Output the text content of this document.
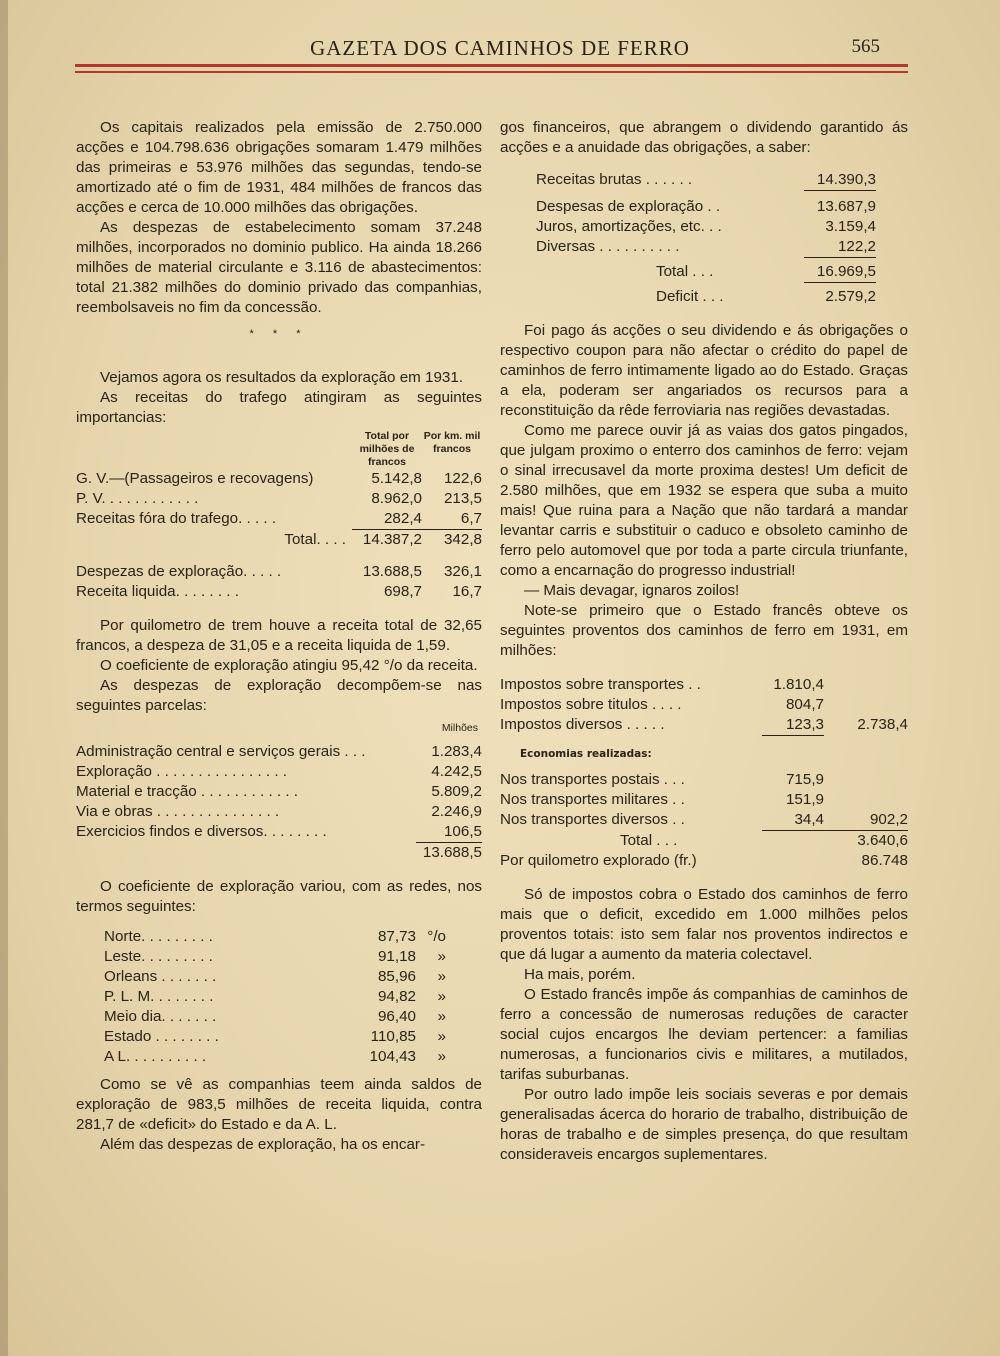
GAZETA DOS CAMINHOS DE FERRO	565

Os capitais realizados pela emissão de 2.750.000 acções e 104.798.636 obrigações somaram 1.479 milhões das primeiras e 53.976 milhões das segundas, tendo-se amortizado até o fim de 1931, 484 milhões de francos das acções e cerca de 10.000 milhões das obrigações.

As despezas de estabelecimento somam 37.248 milhões, incorporados no dominio publico. Ha ainda 18.266 milhões de material circulante e 3.116 de abastecimentos: total 21.382 milhões do dominio privado das companhias, reembolsaveis no fim da concessão.

* * *

Vejamos agora os resultados da exploração em 1931.

As receitas do trafego atingiram as seguintes importancias:

Total por milhões de francos
Por km. mil francos
G. V.—(Passageiros e recovagens)	5.142,8	122,6
P. V. . . . . . . . . . . .	8.962,0	213,5
Receitas fóra do trafego. . . . .	282,4	6,7
Total. . . .	14.387,2	342,8
Despezas de exploração. . . . .	13.688,5	326,1
Receita liquida. . . . . . . .	698,7	16,7

Por quilometro de trem houve a receita total de 32,65 francos, a despeza de 31,05 e a receita liquida de 1,59.

O coeficiente de exploração atingiu 95,42 °/o da receita.

As despezas de exploração decompõem-se nas seguintes parcelas:

Milhões
Administração central e serviços gerais . . .	1.283,4
Exploração . . . . . . . . . . . . . . . .	4.242,5
Material e tracção . . . . . . . . . . . .	5.809,2
Via e obras . . . . . . . . . . . . . . .	2.246,9
Exercicios findos e diversos. . . . . . . .	106,5
13.688,5

O coeficiente de exploração variou, com as redes, nos termos seguintes:

Norte. . . . . . . . .	87,73 °/o
Leste. . . . . . . . .	91,18	»
Orleans . . . . . . .	85,96	»
P. L. M. . . . . . . .	94,82	»
Meio dia. . . . . . .	96,40	»
Estado . . . . . . . .	110,85	»
A L. . . . . . . . . .	104,43	»

Como se vê as companhias teem ainda saldos de exploração de 983,5 milhões de receita liquida, contra 281,7 de «deficit» do Estado e da A. L.

Além das despezas de exploração, ha os encar-

gos financeiros, que abrangem o dividendo garantido ás acções e a anuidade das obrigações, a saber:

Receitas brutas . . . . . .	14.390,3
Despesas de exploração . .	13.687,9
Juros, amortizações, etc. . .	3.159,4
Diversas . . . . . . . . . .	122,2
Total . . .	16.969,5
Deficit . . .	2.579,2

Foi pago ás acções o seu dividendo e ás obrigações o respectivo coupon para não afectar o crédito do papel de caminhos de ferro intimamente ligado ao do Estado. Graças a ela, poderam ser angariados os recursos para a reconstituição da rêde ferroviaria nas regiões devastadas.

Como me parece ouvir já as vaias dos gatos pingados, que julgam proximo o enterro dos caminhos de ferro: vejam o sinal irrecusavel da morte proxima destes! Um deficit de 2.580 milhões, que em 1932 se espera que suba a muito mais! Que ruina para a Nação que não tardará a mandar levantar carris e substituir o caduco e obsoleto caminho de ferro pelo automovel que por toda a parte circula triunfante, como a encarnação do progresso industrial!

— Mais devagar, ignaros zoilos!

Note-se primeiro que o Estado francês obteve os seguintes proventos dos caminhos de ferro em 1931, em milhões:

Impostos sobre transportes . .	1.810,4
Impostos sobre titulos . . . .	804,7
Impostos diversos . . . . .	123,3	2.738,4
Economias realizadas:
Nos transportes postais . . .	715,9
Nos transportes militares . .	151,9
Nos transportes diversos . .	34,4	902,2
Total . . .	3.640,6
Por quilometro explorado (fr.)	86.748

Só de impostos cobra o Estado dos caminhos de ferro mais que o deficit, excedido em 1.000 milhões pelos proventos totais: isto sem falar nos proventos indirectos e que dá lugar a aumento da materia colectavel.

Ha mais, porém.

O Estado francês impõe ás companhias de caminhos de ferro a concessão de numerosas reduções de caracter social cujos encargos lhe deviam pertencer: a familias numerosas, a funcionarios civis e militares, a mutilados, tarifas suburbanas.

Por outro lado impõe leis sociais severas e por demais generalisadas ácerca do horario de trabalho, distribuição de horas de trabalho e de simples presença, do que resultam consideraveis encargos suplementares.
